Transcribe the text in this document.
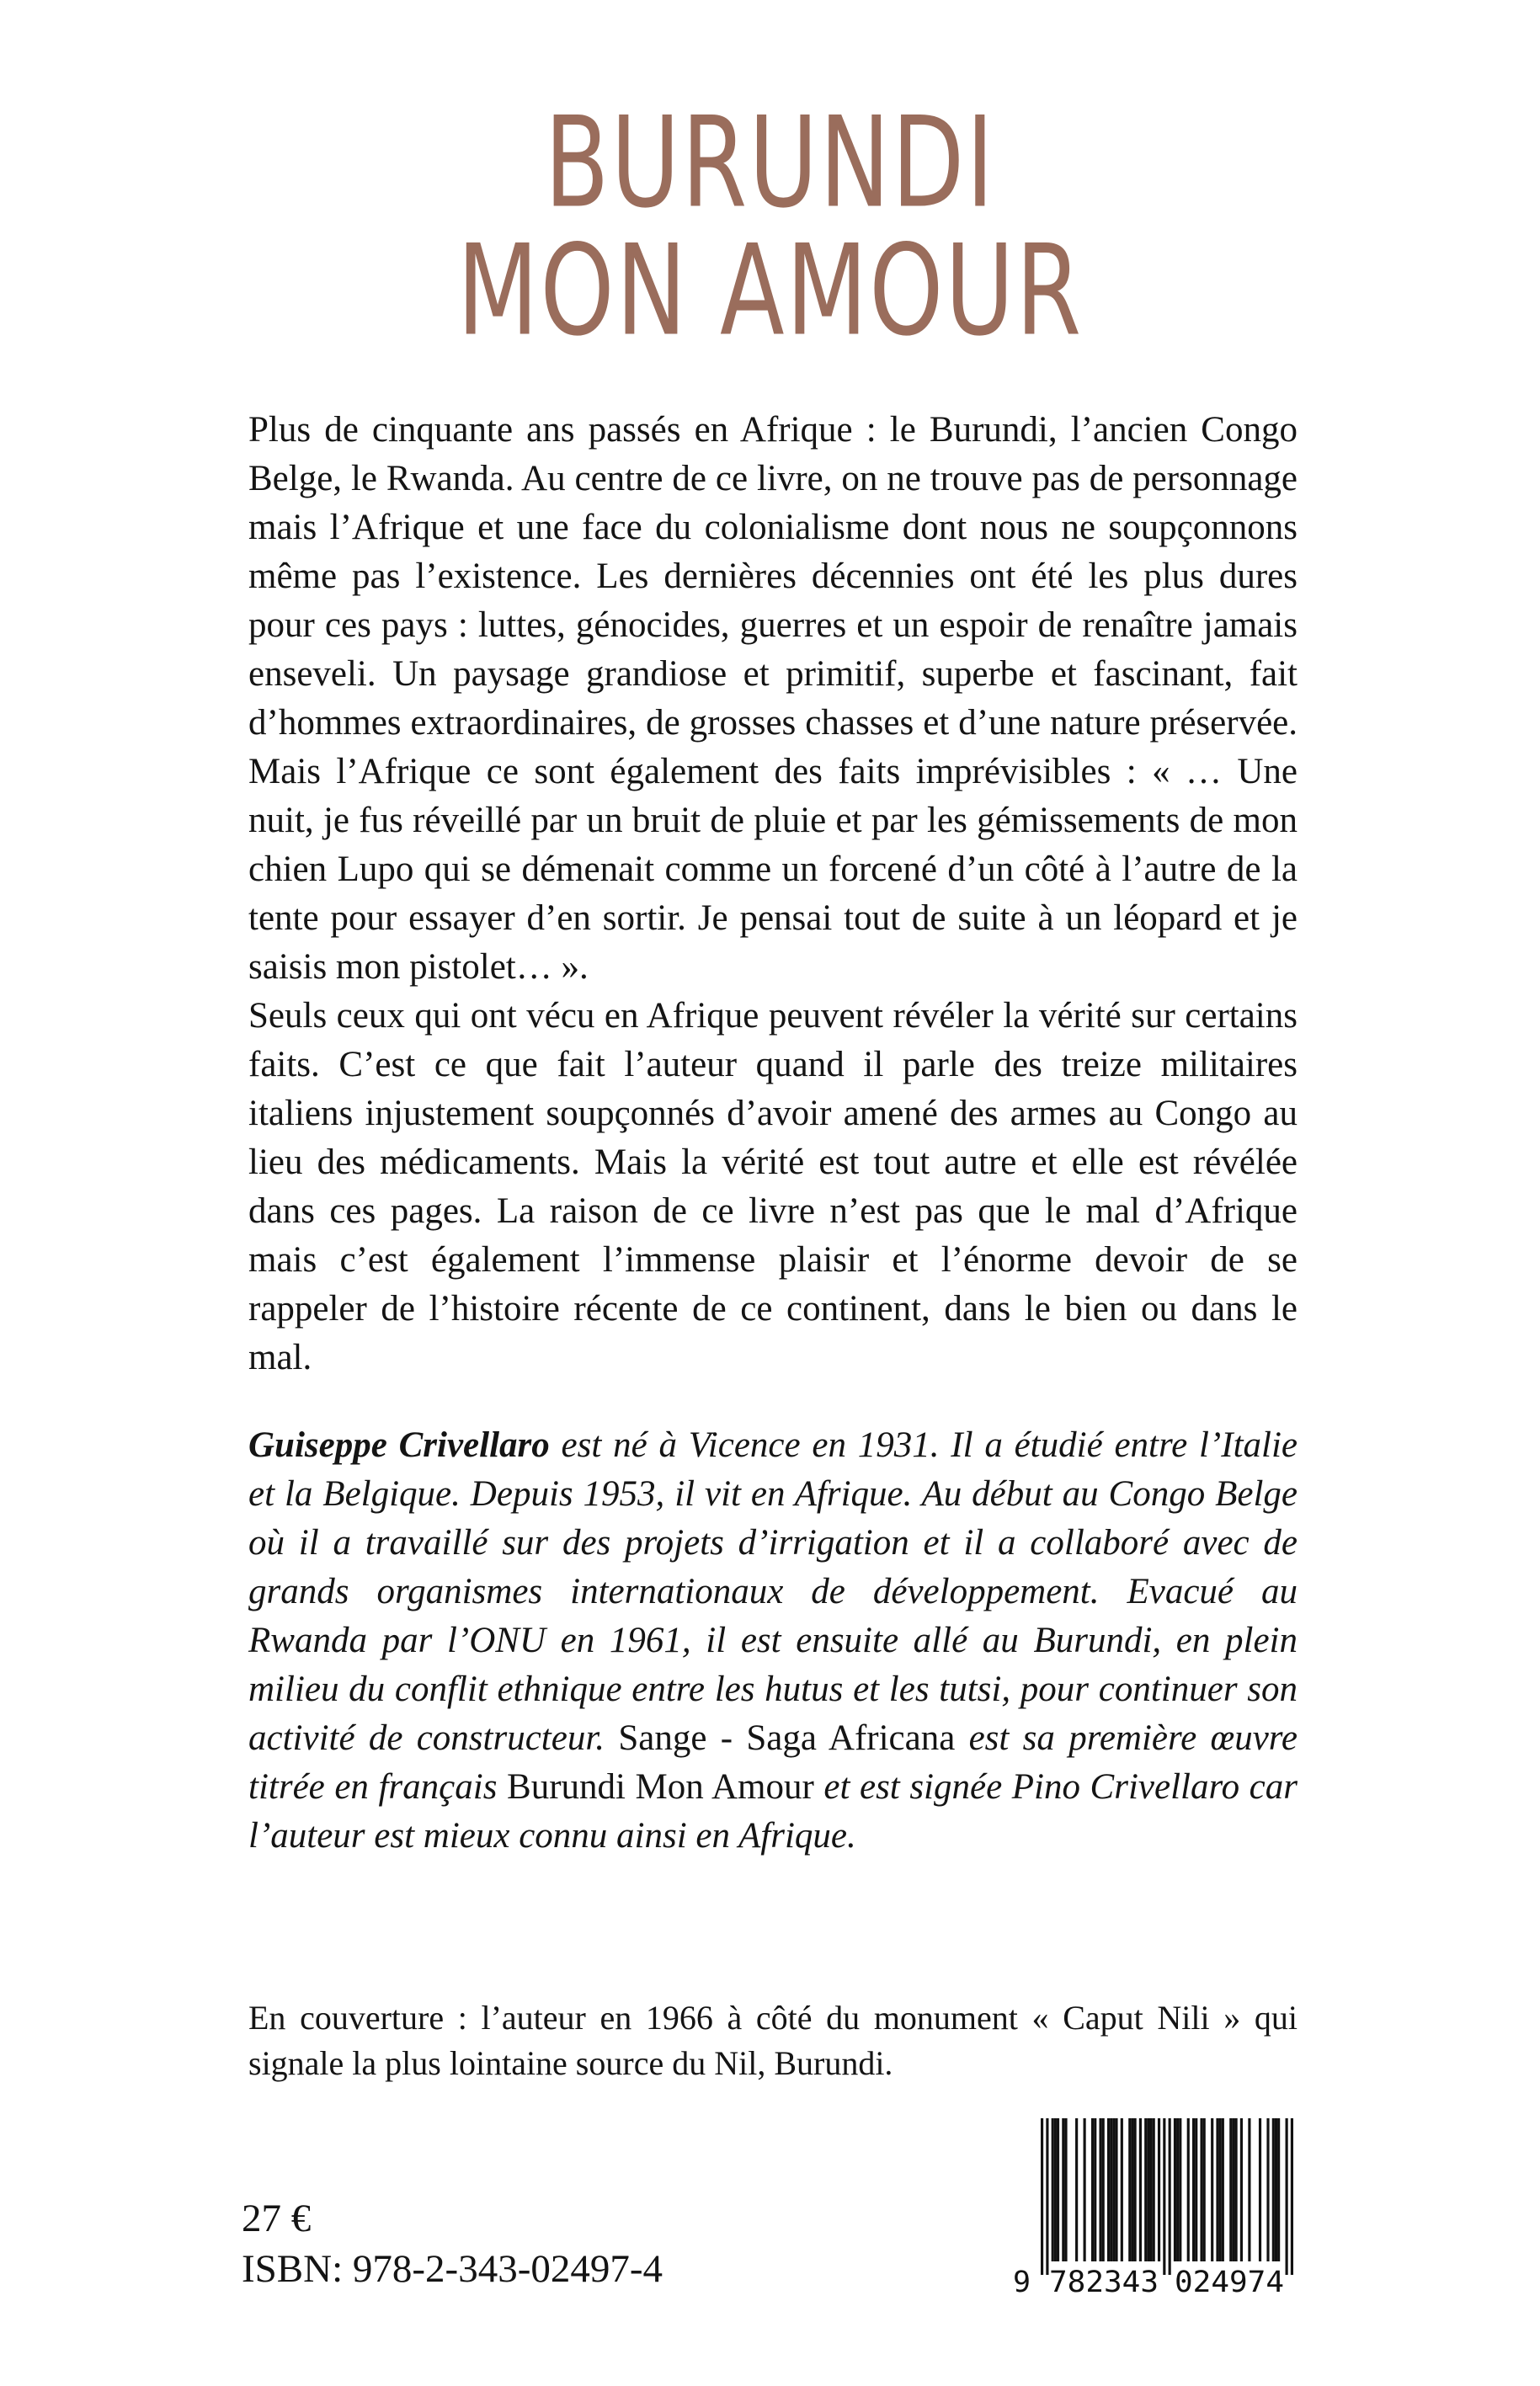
BURUNDI
MON AMOUR

Plus de cinquante ans passés en Afrique : le Burundi, l’ancien Congo Belge, le Rwanda. Au centre de ce livre, on ne trouve pas de personnage mais l’Afrique et une face du colonialisme dont nous ne soupçonnons même pas l’existence. Les dernières décennies ont été les plus dures pour ces pays : luttes, génocides, guerres et un espoir de renaître jamais enseveli. Un paysage grandiose et primitif, superbe et fascinant, fait d’hommes extraordinaires, de grosses chasses et d’une nature préservée. Mais l’Afrique ce sont également des faits imprévisibles : « … Une nuit, je fus réveillé par un bruit de pluie et par les gémissements de mon chien Lupo qui se démenait comme un forcené d’un côté à l’autre de la tente pour essayer d’en sortir. Je pensai tout de suite à un léopard et je saisis mon pistolet… ».

Seuls ceux qui ont vécu en Afrique peuvent révéler la vérité sur certains faits. C’est ce que fait l’auteur quand il parle des treize militaires italiens injustement soupçonnés d’avoir amené des armes au Congo au lieu des médicaments. Mais la vérité est tout autre et elle est révélée dans ces pages. La raison de ce livre n’est pas que le mal d’Afrique mais c’est également l’immense plaisir et l’énorme devoir de se rappeler de l’histoire récente de ce continent, dans le bien ou dans le mal.

Guiseppe Crivellaro est né à Vicence en 1931. Il a étudié entre l’Italie et la Belgique. Depuis 1953, il vit en Afrique. Au début au Congo Belge où il a travaillé sur des projets d’irrigation et il a collaboré avec de grands organismes internationaux de développement. Evacué au Rwanda par l’ONU en 1961, il est ensuite allé au Burundi, en plein milieu du conflit ethnique entre les hutus et les tutsi, pour continuer son activité de constructeur. Sange - Saga Africana est sa première œuvre titrée en français Burundi Mon Amour et est signée Pino Crivellaro car l’auteur est mieux connu ainsi en Afrique.
En couverture : l’auteur en 1966 à côté du monument « Caput Nili » qui signale la plus lointaine source du Nil, Burundi.
27 €
ISBN: 978-2-343-02497-4	9 782343 024974
